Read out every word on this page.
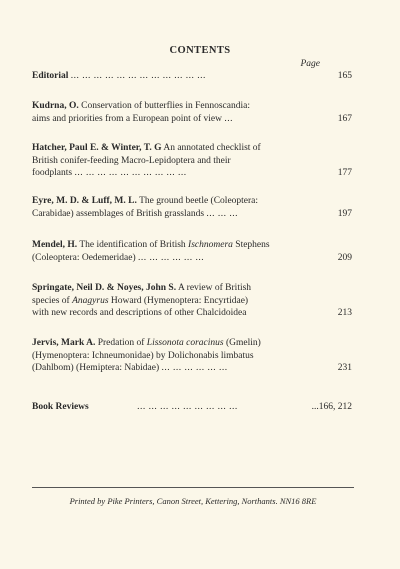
CONTENTS
Page
Editorial ... ... ... ... ... ... ... ... ... ... ... ...	165
Kudrna, O. Conservation of butterflies in Fennoscandia:
aims and priorities from a European point of view ...	167
Hatcher, Paul E. & Winter, T. G An annotated checklist of
British conifer-feeding Macro-Lepidoptera and their
foodplants ... ... ... ... ... ... ... ... ... ...	177
Eyre, M. D. & Luff, M. L. The ground beetle (Coleoptera:
Carabidae) assemblages of British grasslands ... ... ...	197
Mendel, H. The identification of British Ischnomera Stephens
(Coleoptera: Oedemeridae) ... ... ... ... ... ...	209
Springate, Neil D. & Noyes, John S. A review of British
species of Anagyrus Howard (Hymenoptera: Encyrtidae)
with new records and descriptions of other Chalcidoidea	213
Jervis, Mark A. Predation of Lissonota coracinus (Gmelin)
(Hymenoptera: Ichneumonidae) by Dolichonabis limbatus
(Dahlbom) (Hemiptera: Nabidae) ... ... ... ... ... ...	231
Book Reviews	... ... ... ... ... ... ... ... ...	...166, 212
Printed by Pike Printers, Canon Street, Kettering, Northants. NN16 8RE
